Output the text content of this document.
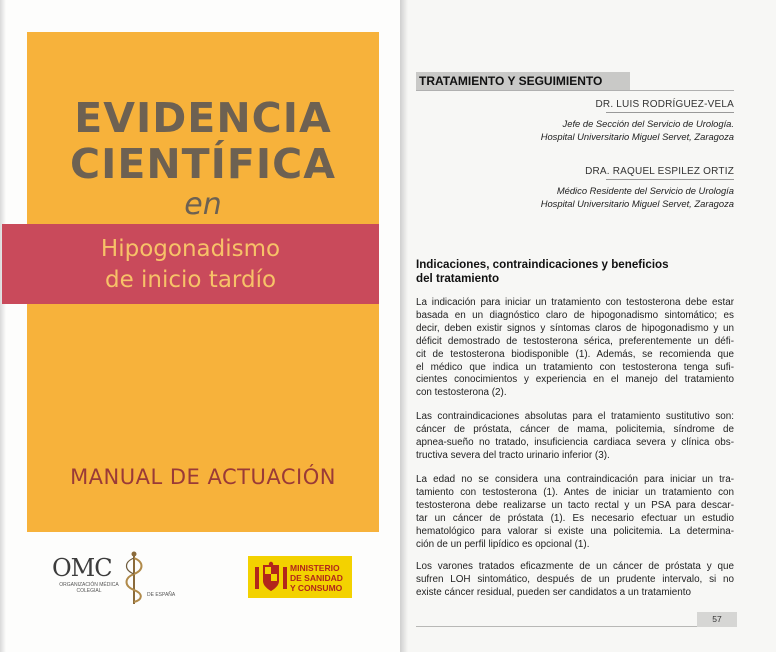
EVIDENCIA
CIENTÍFICA
en
MANUAL DE ACTUACIÓN
Hipogonadismo
de inicio tardío
OMC
ORGANIZACIÓN MÉDICA COLEGIAL
DE ESPAÑA
MINISTERIO
DE SANIDAD
Y CONSUMO
TRATAMIENTO Y SEGUIMIENTO
DR. LUIS RODRÍGUEZ-VELA
Jefe de Sección del Servicio de Urología.
Hospital Universitario Miguel Servet, Zaragoza
DRA. RAQUEL ESPILEZ ORTIZ
Médico Residente del Servicio de Urología
Hospital Universitario Miguel Servet, Zaragoza
Indicaciones, contraindicaciones y beneficios
del tratamiento
La indicación para iniciar un tratamiento con testosterona debe estar
basada en un diagnóstico claro de hipogonadismo sintomático; es
decir, deben existir signos y síntomas claros de hipogonadismo y un
déficit demostrado de testosterona sérica, preferentemente un défi-
cit de testosterona biodisponible (1). Además, se recomienda que
el médico que indica un tratamiento con testosterona tenga sufi-
cientes conocimientos y experiencia en el manejo del tratamiento
con testosterona (2).
Las contraindicaciones absolutas para el tratamiento sustitutivo son:
cáncer de próstata, cáncer de mama, policitemia, síndrome de
apnea-sueño no tratado, insuficiencia cardiaca severa y clínica obs-
tructiva severa del tracto urinario inferior (3).
La edad no se considera una contraindicación para iniciar un tra-
tamiento con testosterona (1). Antes de iniciar un tratamiento con
testosterona debe realizarse un tacto rectal y un PSA para descar-
tar un cáncer de próstata (1). Es necesario efectuar un estudio
hematológico para valorar si existe una policitemia. La determina-
ción de un perfil lipídico es opcional (1).
Los varones tratados eficazmente de un cáncer de próstata y que
sufren LOH sintomático, después de un prudente intervalo, si no
existe cáncer residual, pueden ser candidatos a un tratamiento
57
